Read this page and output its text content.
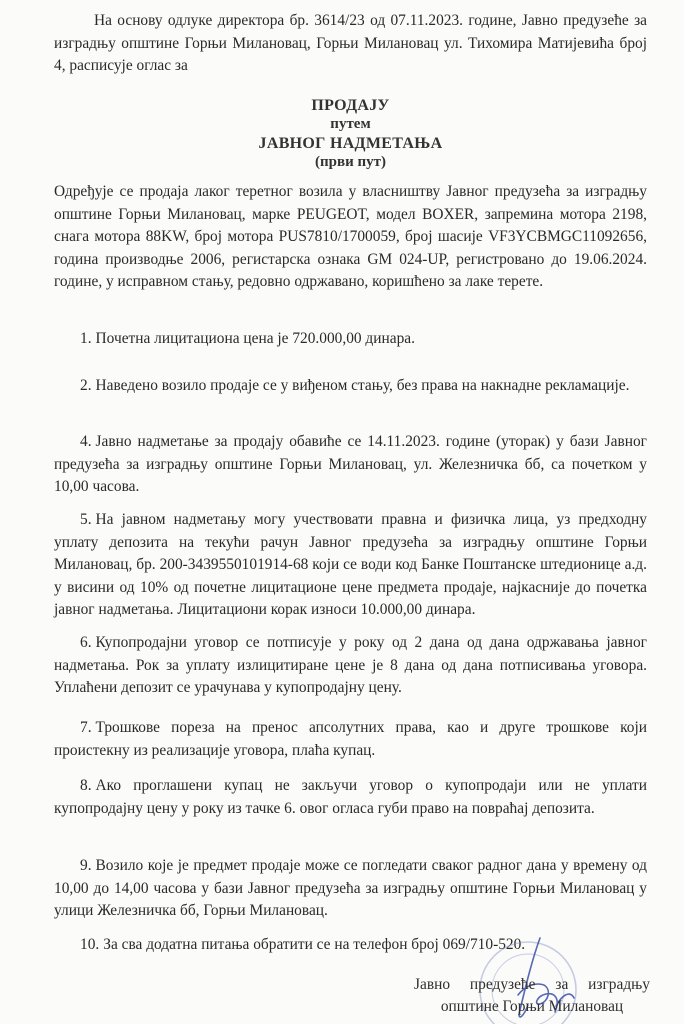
На основу одлуке директора бр. 3614/23 од 07.11.2023. године, Јавно предузеће за изградњу општине Горњи Милановац, Горњи Милановац ул. Тихомира Матијевића број 4, расписује оглас за

ПРОДАЈУ
путем
ЈАВНОГ НАДМЕТАЊА
(први пут)

Одређује се продаја лаког теретног возила у власништву Јавног предузећа за изградњу општине Горњи Милановац, марке PEUGEOT, модел BOXER, запремина мотора 2198, снага мотора 88KW, број мотора PUS7810/1700059, број шасије VF3YCBMGC11092656, година производње 2006, регистарска ознака GM 024-UP, регистровано до 19.06.2024. године, у исправном стању, редовно одржавано, коришћено за лаке терете.

1. Почетна лицитациона цена је 720.000,00 динара.

2. Наведено возило продаје се у виђеном стању, без права на накнадне рекламације.

4. Јавно надметање за продају обавиће се 14.11.2023. године (уторак) у бази Јавног предузећа за изградњу општине Горњи Милановац, ул. Железничка бб, са почетком у 10,00 часова.

5. На јавном надметању могу учествовати правна и физичка лица, уз предходну уплату депозита на текући рачун Јавног предузећа за изградњу општине Горњи Милановац, бр. 200-3439550101914-68 који се води код Банке Поштанске штедионице а.д. у висини од 10% од почетне лицитационе цене предмета продаје, најкасније до почетка јавног надметања. Лицитациони корак износи 10.000,00 динара.

6. Купопродајни уговор се потписује у року од 2 дана од дана одржавања јавног надметања. Рок за уплату излицитиране цене је 8 дана од дана потписивања уговора. Уплаћени депозит се урачунава у купопродајну цену.

7. Трошкове пореза на пренос апсолутних права, као и друге трошкове који проистекну из реализације уговора, плаћа купац.

8. Ако проглашени купац не закључи уговор о купопродаји или не уплати купопродајну цену у року из тачке 6. овог огласа губи право на повраћај депозита.

9. Возило које је предмет продаје може се погледати сваког радног дана у времену од 10,00 до 14,00 часова у бази Јавног предузећа за изградњу општине Горњи Милановац у улици Железничка бб, Горњи Милановац.

10. За сва додатна питања обратити се на телефон број 069/710-520.

Јавно предузеће за изградњу
општине Горњи Милановац
